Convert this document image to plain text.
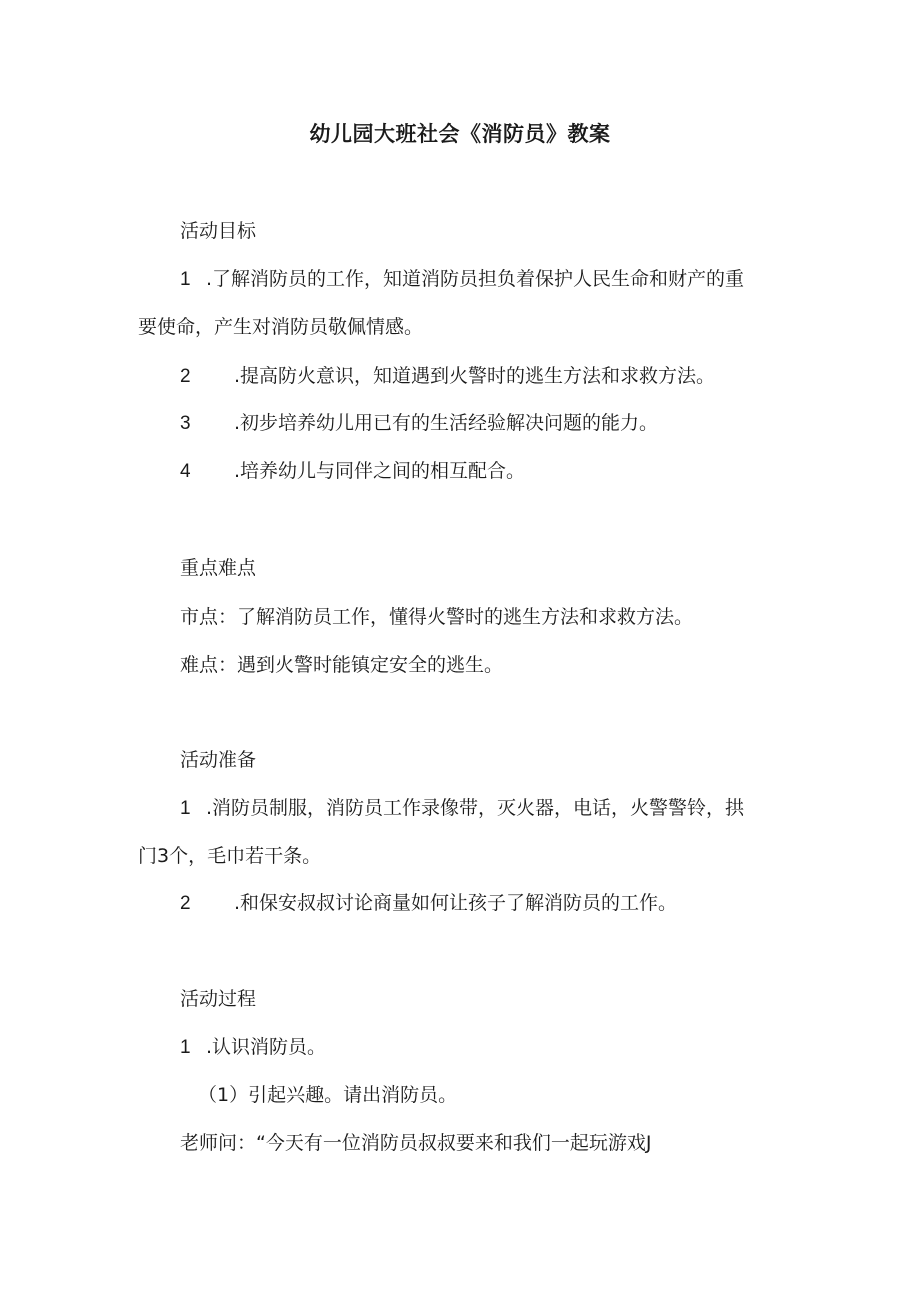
幼儿园大班社会《消防员》教案
活动目标
1 .了解消防员的工作，知道消防员担负着保护人民生命和财产的重
要使命，产生对消防员敬佩情感。
2 .提高防火意识，知道遇到火警时的逃生方法和求救方法。
3 .初步培养幼儿用已有的生活经验解决问题的能力。
4 .培养幼儿与同伴之间的相互配合。
重点难点
市点：了解消防员工作，懂得火警时的逃生方法和求救方法。
难点：遇到火警时能镇定安全的逃生。
活动准备
1 .消防员制服，消防员工作录像带，灭火器，电话，火警警铃，拱
门3个，毛巾若干条。
2 .和保安叔叔讨论商量如何让孩子了解消防员的工作。
活动过程
1 .认识消防员。
（1）引起兴趣。请出消防员。
老师问：“今天有一位消防员叔叔要来和我们一起玩游戏J
